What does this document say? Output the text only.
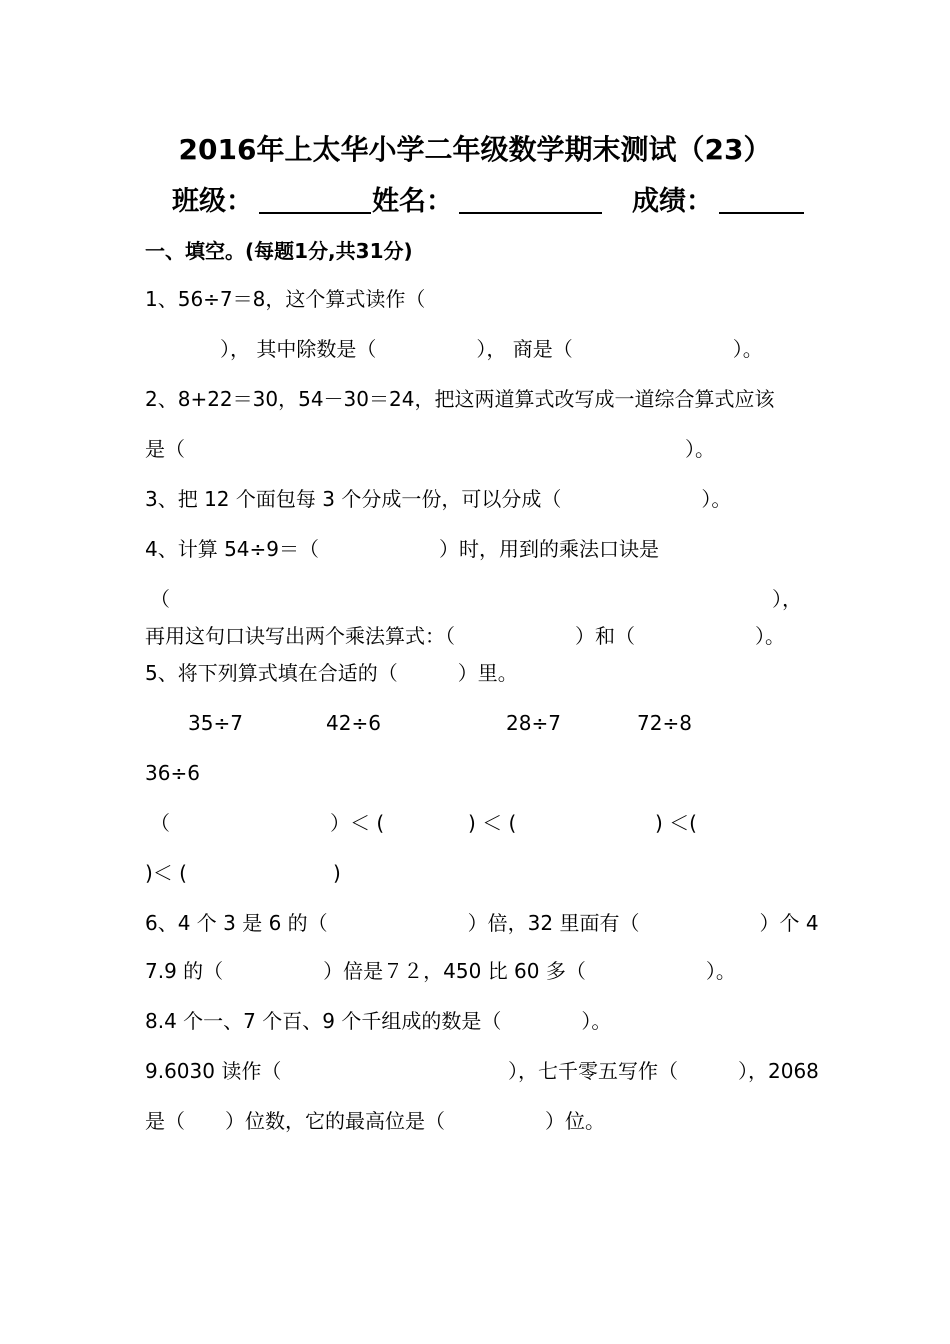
2016年上太华小学二年级数学期末测试（23）
班级：	姓名：	成绩：
一、填空。(每题1分,共31分)
1、56÷7＝8，这个算式读作（
）， 其中除数是（　　　　　）， 商是（　　　　　　　　）。
2、8+22＝30，54－30＝24，把这两道算式改写成一道综合算式应该
是（　　　　　　　　　　　　　　　　　　　　　　　　　）。
3、把 12 个面包每 3 个分成一份，可以分成（　　　　　　　）。
4、计算 54÷9＝（　　　　　　）时，用到的乘法口诀是
（	），
再用这句口诀写出两个乘法算式：（　　　　　　）和（　　　　　　）。
5、将下列算式填在合适的（　　　）里。
35÷7	42÷6	28÷7	72÷8
36÷6
（　　　　　　　　）＜ (	) ＜ (	) ＜(
)＜ (	)
6、4 个 3 是 6 的（　　　　　　　）倍，32 里面有（　　　　　　）个 4
7.9 的（　　　　　）倍是７２，450 比 60 多（　　　　　　）。
8.4 个一、7 个百、9 个千组成的数是（　　　　）。
9.6030 读作（	），七千零五写作（　　　），2068
是（　　）位数，它的最高位是（　　　　　）位。
